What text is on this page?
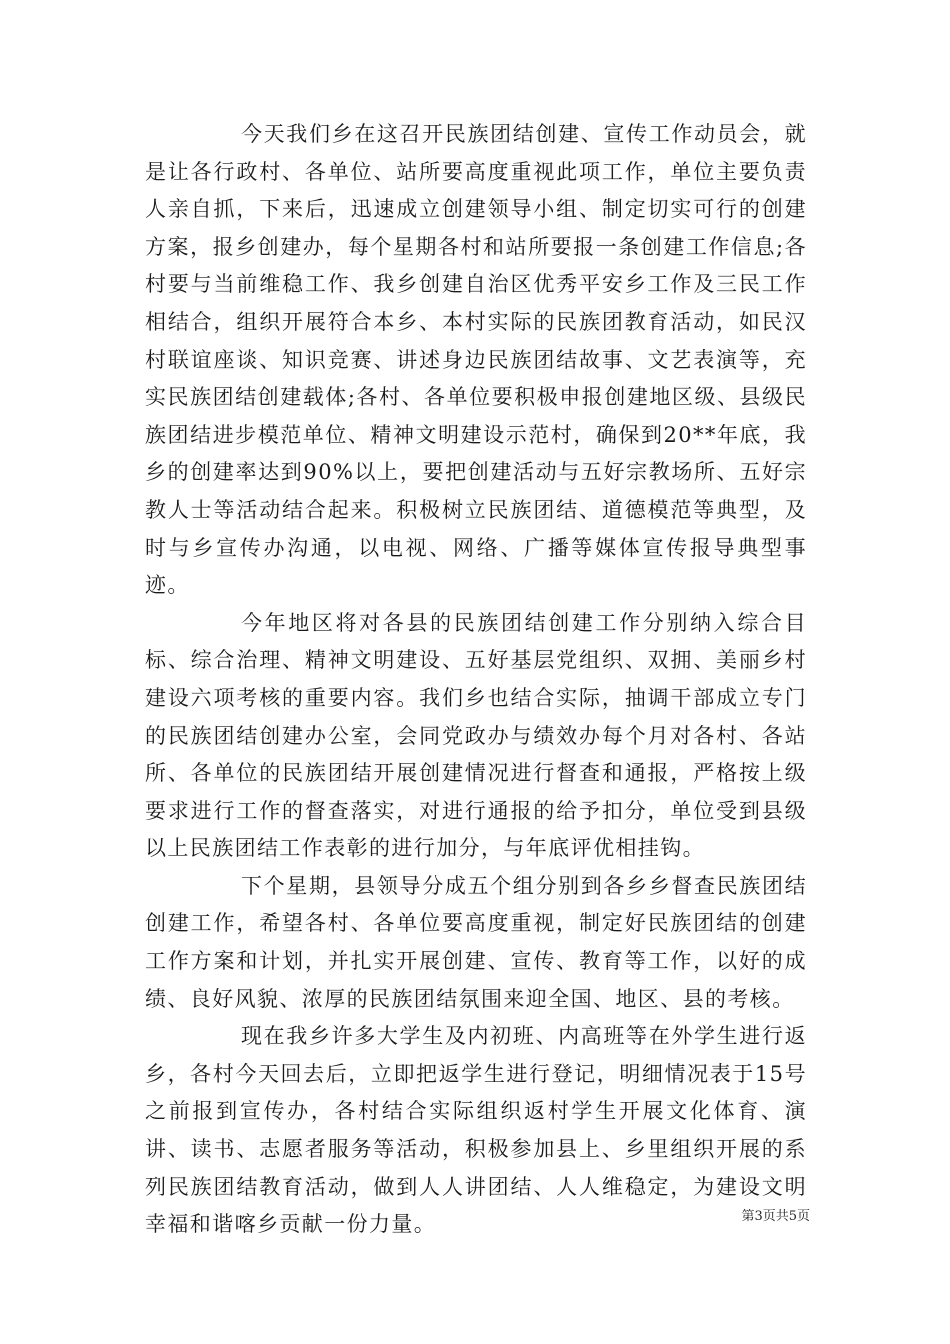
今天我们乡在这召开民族团结创建、宣传工作动员会，就是让各行政村、各单位、站所要高度重视此项工作，单位主要负责人亲自抓，下来后，迅速成立创建领导小组、制定切实可行的创建方案，报乡创建办，每个星期各村和站所要报一条创建工作信息;各村要与当前维稳工作、我乡创建自治区优秀平安乡工作及三民工作相结合，组织开展符合本乡、本村实际的民族团教育活动，如民汉村联谊座谈、知识竞赛、讲述身边民族团结故事、文艺表演等，充实民族团结创建载体;各村、各单位要积极申报创建地区级、县级民族团结进步模范单位、精神文明建设示范村，确保到20**年底，我乡的创建率达到90%以上，要把创建活动与五好宗教场所、五好宗教人士等活动结合起来。积极树立民族团结、道德模范等典型，及时与乡宣传办沟通，以电视、网络、广播等媒体宣传报导典型事迹。

今年地区将对各县的民族团结创建工作分别纳入综合目标、综合治理、精神文明建设、五好基层党组织、双拥、美丽乡村建设六项考核的重要内容。我们乡也结合实际，抽调干部成立专门的民族团结创建办公室，会同党政办与绩效办每个月对各村、各站所、各单位的民族团结开展创建情况进行督查和通报，严格按上级要求进行工作的督查落实，对进行通报的给予扣分，单位受到县级以上民族团结工作表彰的进行加分，与年底评优相挂钩。

下个星期，县领导分成五个组分别到各乡乡督查民族团结创建工作，希望各村、各单位要高度重视，制定好民族团结的创建工作方案和计划，并扎实开展创建、宣传、教育等工作，以好的成绩、良好风貌、浓厚的民族团结氛围来迎全国、地区、县的考核。

现在我乡许多大学生及内初班、内高班等在外学生进行返乡，各村今天回去后，立即把返学生进行登记，明细情况表于15号之前报到宣传办，各村结合实际组织返村学生开展文化体育、演讲、读书、志愿者服务等活动，积极参加县上、乡里组织开展的系列民族团结教育活动，做到人人讲团结、人人维稳定，为建设文明幸福和谐喀乡贡献一份力量。	第3页共5页
